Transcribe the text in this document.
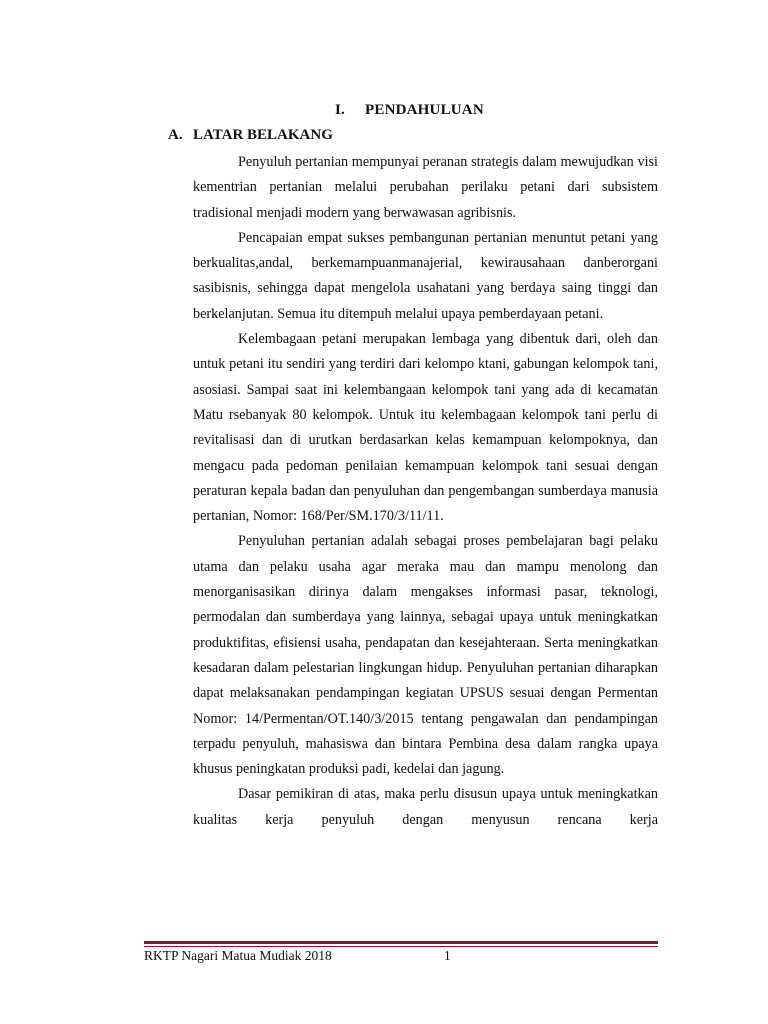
I. PENDAHULUAN
A. LATAR BELAKANG

Penyuluh pertanian mempunyai peranan strategis dalam mewujudkan visi kementrian pertanian melalui perubahan perilaku petani dari subsistem tradisional menjadi modern yang berwawasan agribisnis.

Pencapaian empat sukses pembangunan pertanian menuntut petani yang berkualitas,andal, berkemampuanmanajerial, kewirausahaan danberorgani sasibisnis, sehingga dapat mengelola usahatani yang berdaya saing tinggi dan berkelanjutan. Semua itu ditempuh melalui upaya pemberdayaan petani.

Kelembagaan petani merupakan lembaga yang dibentuk dari, oleh dan untuk petani itu sendiri yang terdiri dari kelompo ktani, gabungan kelompok tani, asosiasi. Sampai saat ini kelembangaan kelompok tani yang ada di kecamatan Matu rsebanyak 80 kelompok. Untuk itu kelembagaan kelompok tani perlu di revitalisasi dan di urutkan berdasarkan kelas kemampuan kelompoknya, dan mengacu pada pedoman penilaian kemampuan kelompok tani sesuai dengan peraturan kepala badan dan penyuluhan dan pengembangan sumberdaya manusia pertanian, Nomor: 168/Per/SM.170/3/11/11.

Penyuluhan pertanian adalah sebagai proses pembelajaran bagi pelaku utama dan pelaku usaha agar meraka mau dan mampu menolong dan menorganisasikan dirinya dalam mengakses informasi pasar, teknologi, permodalan dan sumberdaya yang lainnya, sebagai upaya untuk meningkatkan produktifitas, efisiensi usaha, pendapatan dan kesejahteraan. Serta meningkatkan kesadaran dalam pelestarian lingkungan hidup. Penyuluhan pertanian diharapkan dapat melaksanakan pendampingan kegiatan UPSUS sesuai dengan Permentan Nomor: 14/Permentan/OT.140/3/2015 tentang pengawalan dan pendampingan terpadu penyuluh, mahasiswa dan bintara Pembina desa dalam rangka upaya khusus peningkatan produksi padi, kedelai dan jagung.

Dasar pemikiran di atas, maka perlu disusun upaya untuk meningkatkan kualitas kerja penyuluh dengan menyusun rencana kerja

RKTP Nagari Matua Mudiak 2018	1
